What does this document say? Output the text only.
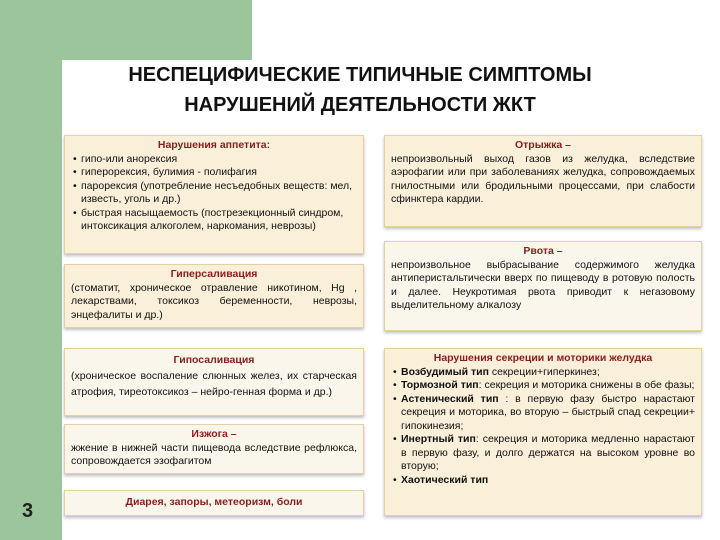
НЕСПЕЦИФИЧЕСКИЕ ТИПИЧНЫЕ СИМПТОМЫ
НАРУШЕНИЙ ДЕЯТЕЛЬНОСТИ ЖКТ
Нарушения аппетита:
• гипо-или анорексия
• гиперорексия, булимия - полифагия
• парорексия (употребление несъедобных веществ: мел, известь, уголь и др.)
• быстрая насыщаемость (пострезекционный синдром, интоксикация алкоголем, наркомания, неврозы)
Гиперсаливация
(стоматит, хроническое отравление никотином, Hg , лекарствами, токсикоз беременности, неврозы, энцефалиты и др.)
Гипосаливация
(хроническое воспаление слюнных желез, их старческая атрофия, тиреотоксикоз – нейро-генная форма и др.)
Изжога –
жжение в нижней части пищевода вследствие рефлюкса, сопровождается эзофагитом
Диарея, запоры, метеоризм, боли
3
Отрыжка –
непроизвольный выход газов из желудка, вследствие аэрофагии или при заболеваниях желудка, сопровождаемых гнилостными или бродильными процессами, при слабости сфинктера кардии.
Рвота –
непроизвольное выбрасывание содержимого желудка антиперистальтически вверх по пищеводу в ротовую полость и далее. Неукротимая рвота приводит к негазовому выделительному алкалозу
Нарушения секреции и моторики желудка
• Возбудимый тип секреции+гиперкинез;
• Тормозной тип: секреция и моторика снижены в обе фазы;
• Астенический тип : в первую фазу быстро нарастают секреция и моторика, во вторую – быстрый спад секреции+ гипокинезия;
• Инертный тип: секреция и моторика медленно нарастают в первую фазу, и долго держатся на высоком уровне во вторую;
• Хаотический тип
